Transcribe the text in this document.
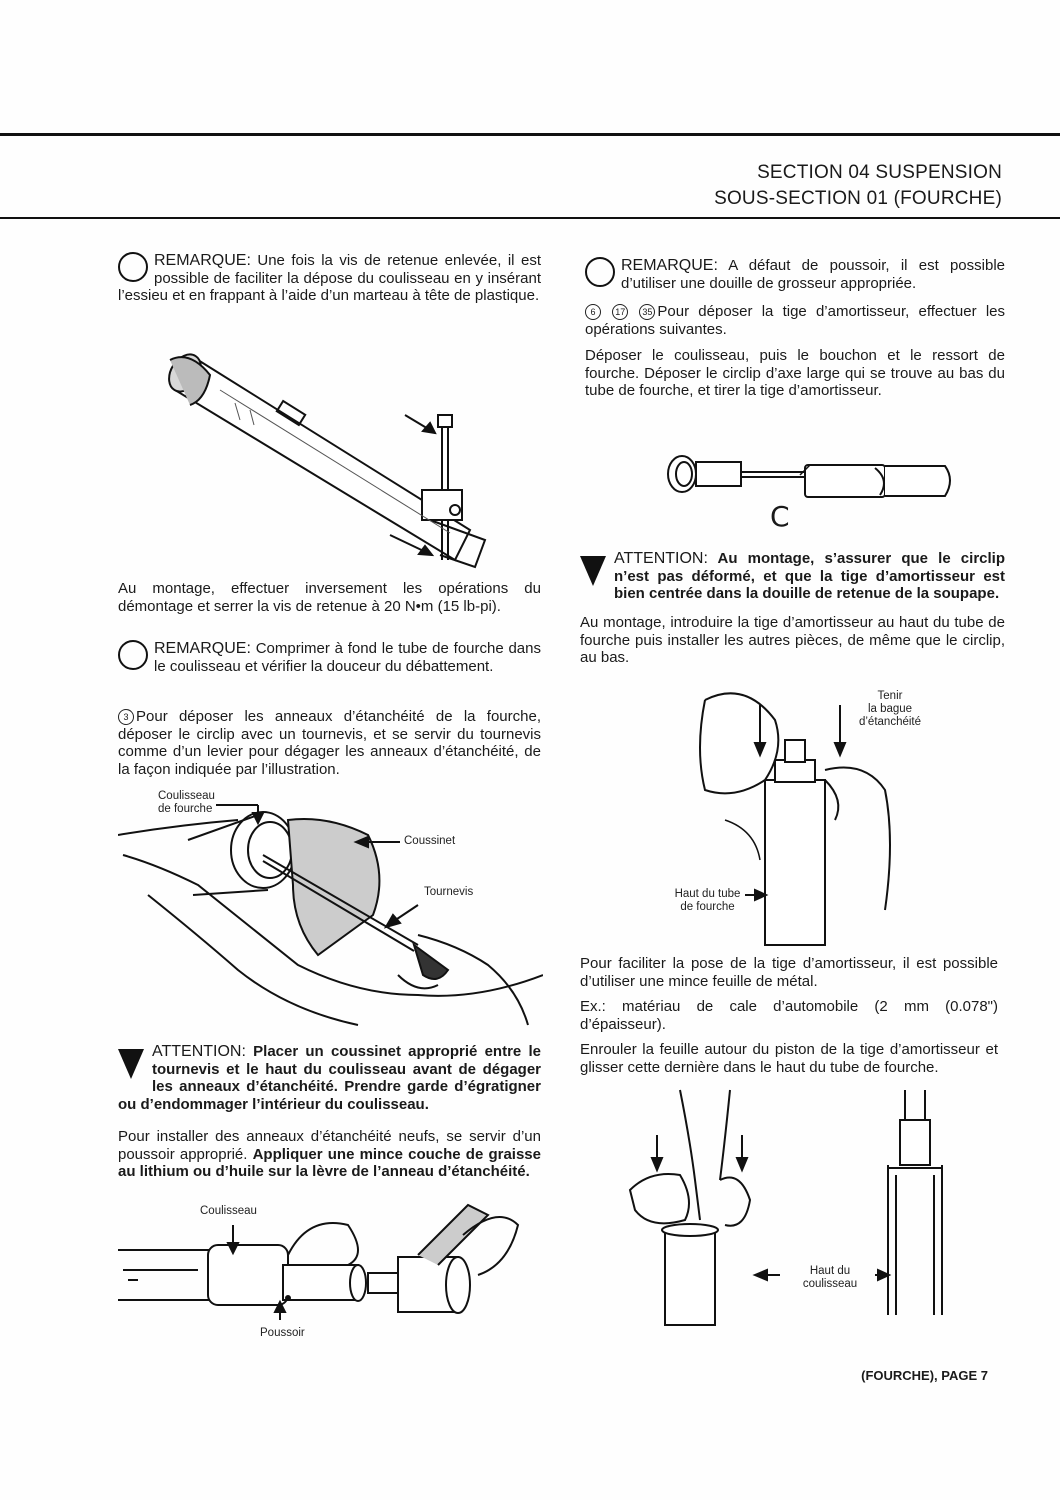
SECTION 04 SUSPENSION
SOUS-SECTION 01 (FOURCHE)
REMARQUE: Une fois la vis de retenue enlevée, il est possible de faciliter la dépose du coulisseau en y insérant l’essieu et en frappant à l’aide d’un marteau à tête de plastique.

Au montage, effectuer inversement les opérations du démontage et serrer la vis de retenue à 20 N•m (15 lb-pi).

REMARQUE: Comprimer à fond le tube de fourche dans le coulisseau et vérifier la douceur du débattement.
3 Pour déposer les anneaux d’étanchéité de la fourche, déposer le circlip avec un tournevis, et se servir du tournevis comme d’un levier pour dégager les anneaux d’étanchéité, de la façon indiquée par l’illustration.
Coulisseau
de fourche
Coussinet
Tournevis
ATTENTION: Placer un coussinet approprié entre le tournevis et le haut du coulisseau avant de dégager les anneaux d’étanchéité. Prendre garde d’égratigner ou d’endommager l’intérieur du coulisseau.
Pour installer des anneaux d’étanchéité neufs, se servir d’un poussoir approprié. Appliquer une mince couche de graisse au lithium ou d’huile sur la lèvre de l’anneau d’étanchéité.
Coulisseau
Poussoir
REMARQUE: A défaut de poussoir, il est possible d’utiliser une douille de grosseur appropriée.
6 17 35 Pour déposer la tige d’amortisseur, effectuer les opérations suivantes.

Déposer le coulisseau, puis le bouchon et le ressort de fourche. Déposer le circlip d’axe large qui se trouve au bas du tube de fourche, et tirer la tige d’amortisseur.

C
ATTENTION: Au montage, s’assurer que le circlip n’est pas déformé, et que la tige d’amortisseur est bien centrée dans la douille de retenue de la soupape.

Au montage, introduire la tige d’amortisseur au haut du tube de fourche puis installer les autres pièces, de même que le circlip, au bas.

Tenir
la bague
d’étanchéité
Haut du tube
de fourche

Pour faciliter la pose de la tige d’amortisseur, il est possible d’utiliser une mince feuille de métal.

Ex.: matériau de cale d’automobile (2 mm (0.078") d’épaisseur).

Enrouler la feuille autour du piston de la tige d’amortisseur et glisser cette dernière dans le haut du tube de fourche.

Haut du
coulisseau
(FOURCHE), PAGE 7
